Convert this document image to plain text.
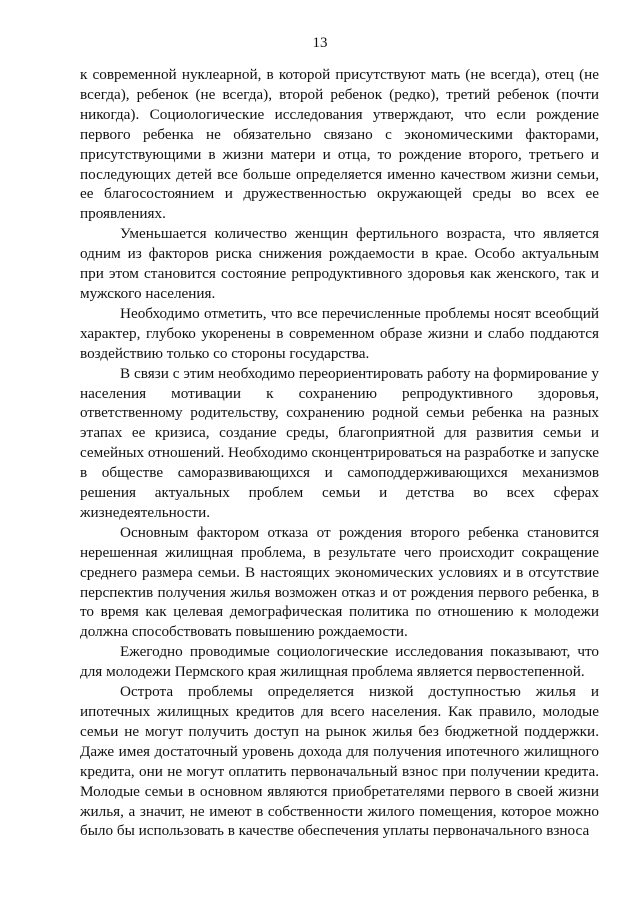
13

к современной нуклеарной, в которой присутствуют мать (не всегда), отец (не всегда), ребенок (не всегда), второй ребенок (редко), третий ребенок (почти никогда). Социологические исследования утверждают, что если рождение первого ребенка не обязательно связано с экономическими факторами, присутствующими в жизни матери и отца, то рождение второго, третьего и последующих детей все больше определяется именно качеством жизни семьи, ее благосостоянием и дружественностью окружающей среды во всех ее проявлениях.

Уменьшается количество женщин фертильного возраста, что является одним из факторов риска снижения рождаемости в крае. Особо актуальным при этом становится состояние репродуктивного здоровья как женского, так и мужского населения.

Необходимо отметить, что все перечисленные проблемы носят всеобщий характер, глубоко укоренены в современном образе жизни и слабо поддаются воздействию только со стороны государства.

В связи с этим необходимо переориентировать работу на формирование у населения мотивации к сохранению репродуктивного здоровья, ответственному родительству, сохранению родной семьи ребенка на разных этапах ее кризиса, создание среды, благоприятной для развития семьи и семейных отношений. Необходимо сконцентрироваться на разработке и запуске в обществе саморазвивающихся и самоподдерживающихся механизмов решения актуальных проблем семьи и детства во всех сферах жизнедеятельности.

Основным фактором отказа от рождения второго ребенка становится нерешенная жилищная проблема, в результате чего происходит сокращение среднего размера семьи. В настоящих экономических условиях и в отсутствие перспектив получения жилья возможен отказ и от рождения первого ребенка, в то время как целевая демографическая политика по отношению к молодежи должна способствовать повышению рождаемости.

Ежегодно проводимые социологические исследования показывают, что для молодежи Пермского края жилищная проблема является первостепенной.

Острота проблемы определяется низкой доступностью жилья и ипотечных жилищных кредитов для всего населения. Как правило, молодые семьи не могут получить доступ на рынок жилья без бюджетной поддержки. Даже имея достаточный уровень дохода для получения ипотечного жилищного кредита, они не могут оплатить первоначальный взнос при получении кредита. Молодые семьи в основном являются приобретателями первого в своей жизни жилья, а значит, не имеют в собственности жилого помещения, которое можно было бы использовать в качестве обеспечения уплаты первоначального взноса
